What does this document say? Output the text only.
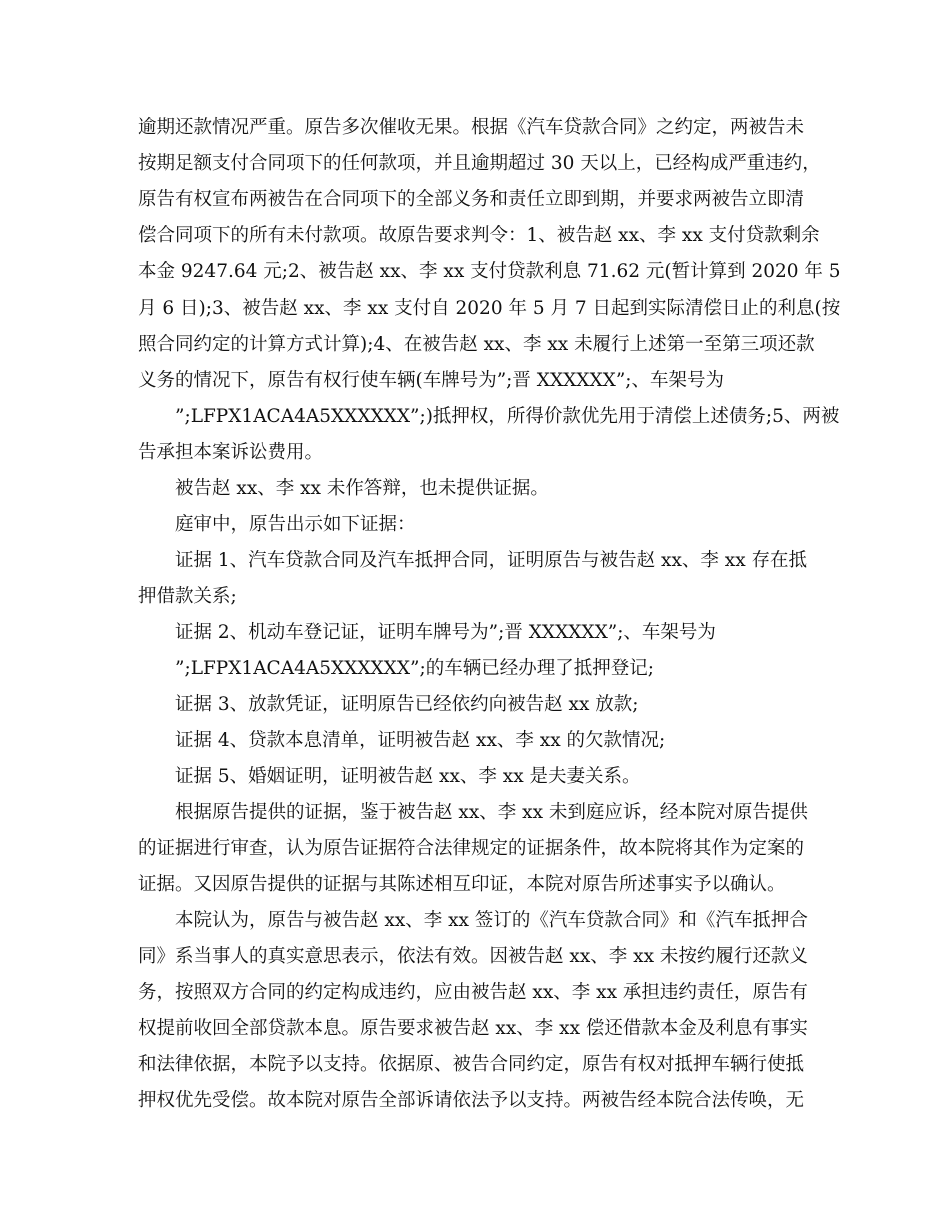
逾期还款情况严重。原告多次催收无果。根据《汽车贷款合同》之约定，两被告未
按期足额支付合同项下的任何款项，并且逾期超过 30 天以上，已经构成严重违约，
原告有权宣布两被告在合同项下的全部义务和责任立即到期，并要求两被告立即清
偿合同项下的所有未付款项。故原告要求判令：1、被告赵 xx、李 xx 支付贷款剩余
本金 9247.64 元;2、被告赵 xx、李 xx 支付贷款利息 71.62 元(暂计算到 2020 年 5
月 6 日);3、被告赵 xx、李 xx 支付自 2020 年 5 月 7 日起到实际清偿日止的利息(按
照合同约定的计算方式计算);4、在被告赵 xx、李 xx 未履行上述第一至第三项还款
义务的情况下，原告有权行使车辆(车牌号为”;晋 XXXXXX”;、车架号为
”;LFPX1ACA4A5XXXXXX”;)抵押权，所得价款优先用于清偿上述债务;5、两被
告承担本案诉讼费用。
被告赵 xx、李 xx 未作答辩，也未提供证据。
庭审中，原告出示如下证据：
证据 1、汽车贷款合同及汽车抵押合同，证明原告与被告赵 xx、李 xx 存在抵
押借款关系;
证据 2、机动车登记证，证明车牌号为”;晋 XXXXXX”;、车架号为
”;LFPX1ACA4A5XXXXXX”;的车辆已经办理了抵押登记;
证据 3、放款凭证，证明原告已经依约向被告赵 xx 放款;
证据 4、贷款本息清单，证明被告赵 xx、李 xx 的欠款情况;
证据 5、婚姻证明，证明被告赵 xx、李 xx 是夫妻关系。
根据原告提供的证据，鉴于被告赵 xx、李 xx 未到庭应诉，经本院对原告提供
的证据进行审查，认为原告证据符合法律规定的证据条件，故本院将其作为定案的
证据。又因原告提供的证据与其陈述相互印证，本院对原告所述事实予以确认。
本院认为，原告与被告赵 xx、李 xx 签订的《汽车贷款合同》和《汽车抵押合
同》系当事人的真实意思表示，依法有效。因被告赵 xx、李 xx 未按约履行还款义
务，按照双方合同的约定构成违约，应由被告赵 xx、李 xx 承担违约责任，原告有
权提前收回全部贷款本息。原告要求被告赵 xx、李 xx 偿还借款本金及利息有事实
和法律依据，本院予以支持。依据原、被告合同约定，原告有权对抵押车辆行使抵
押权优先受偿。故本院对原告全部诉请依法予以支持。两被告经本院合法传唤，无
